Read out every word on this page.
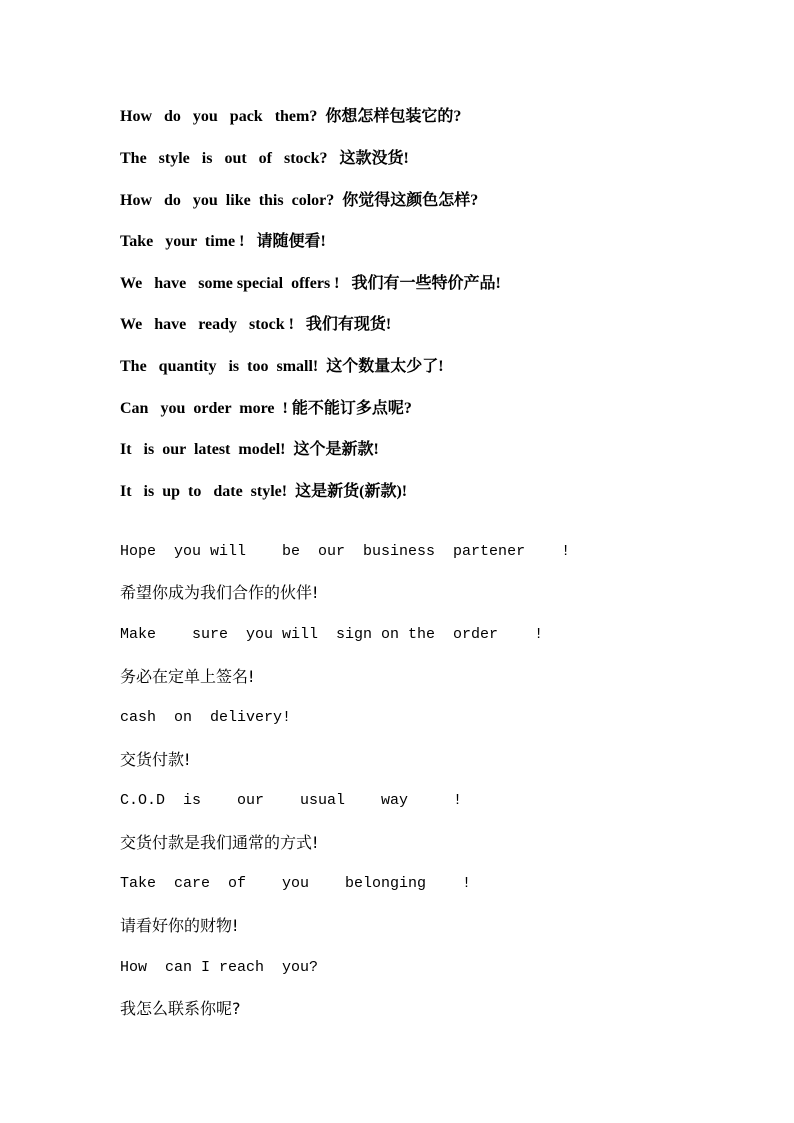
How   do   you   pack   them?  你想怎样包装它的?
The   style   is   out   of   stock?   这款没货!
How   do   you  like  this  color?  你觉得这颜色怎样?
Take   your  time !   请随便看!
We   have   some special  offers !   我们有一些特价产品!
We   have   ready   stock !   我们有现货!
The   quantity   is  too  small!  这个数量太少了!
Can   you  order  more  ! 能不能订多点呢?
It   is  our  latest  model!  这个是新款!
It   is  up  to   date  style!  这是新货(新款)!
Hope  you will    be  our  business  partener    !
希望你成为我们合作的伙伴!
Make    sure  you will  sign on the  order    !
务必在定单上签名!
cash  on  delivery!
交货付款!
C.O.D  is    our    usual    way     !
交货付款是我们通常的方式!
Take  care  of    you    belonging    !
请看好你的财物!
How  can I reach  you?
我怎么联系你呢?
